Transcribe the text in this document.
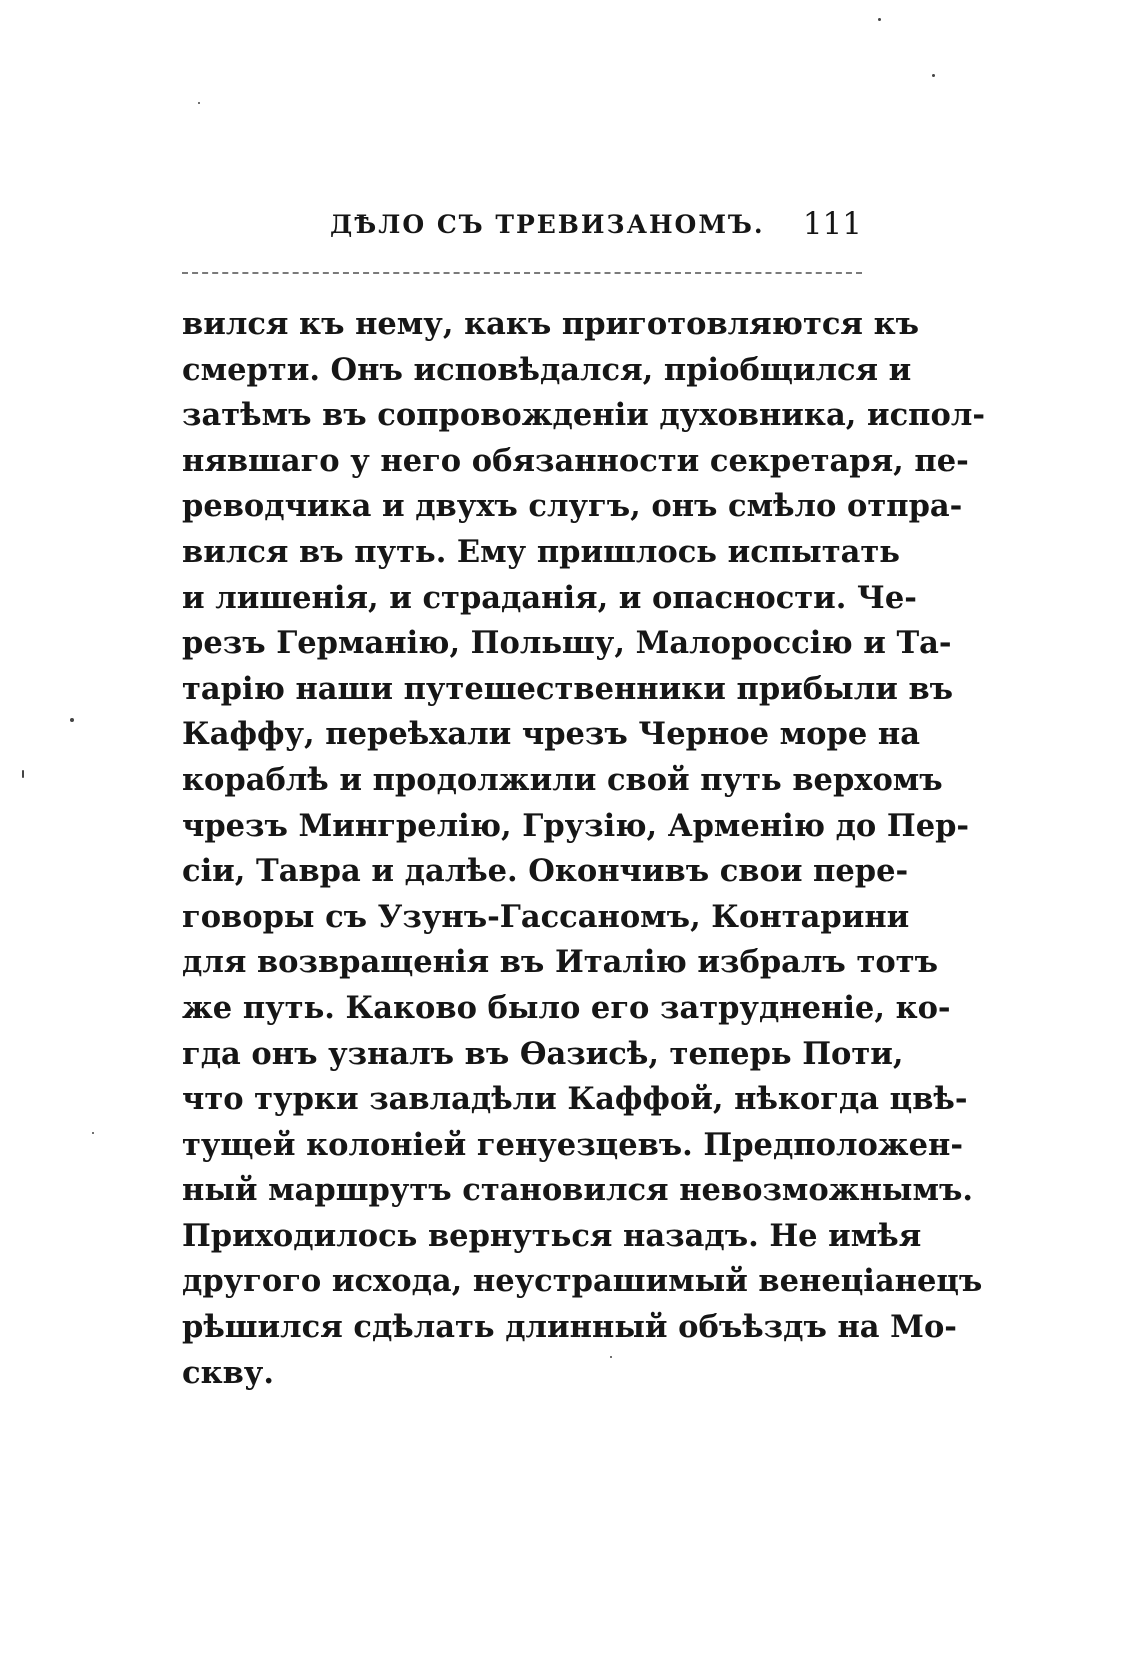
ДѢЛО СЪ ТРЕВИЗАНОМЪ. 111
вился къ нему, какъ приготовляются къ
смерти. Онъ исповѣдался, пріобщился и
затѣмъ въ сопровожденіи духовника, испол-
нявшаго у него обязанности секретаря, пе-
реводчика и двухъ слугъ, онъ смѣло отпра-
вился въ путь. Ему пришлось испытать
и лишенія, и страданія, и опасности. Че-
резъ Германію, Польшу, Малороссію и Та-
тарію наши путешественники прибыли въ
Каффу, переѣхали чрезъ Черное море на
кораблѣ и продолжили свой путь верхомъ
чрезъ Мингрелію, Грузію, Арменію до Пер-
сіи, Тавра и далѣе. Окончивъ свои пере-
говоры съ Узунъ-Гассаномъ, Контарини
для возвращенія въ Италію избралъ тотъ
же путь. Каково было его затрудненіе, ко-
гда онъ узналъ въ Ѳазисѣ, теперь Поти,
что турки завладѣли Каффой, нѣкогда цвѣ-
тущей колоніей генуезцевъ. Предположен-
ный маршрутъ становился невозможнымъ.
Приходилось вернуться назадъ. Не имѣя
другого исхода, неустрашимый венеціанецъ
рѣшился сдѣлать длинный объѣздъ на Мо-
скву.
